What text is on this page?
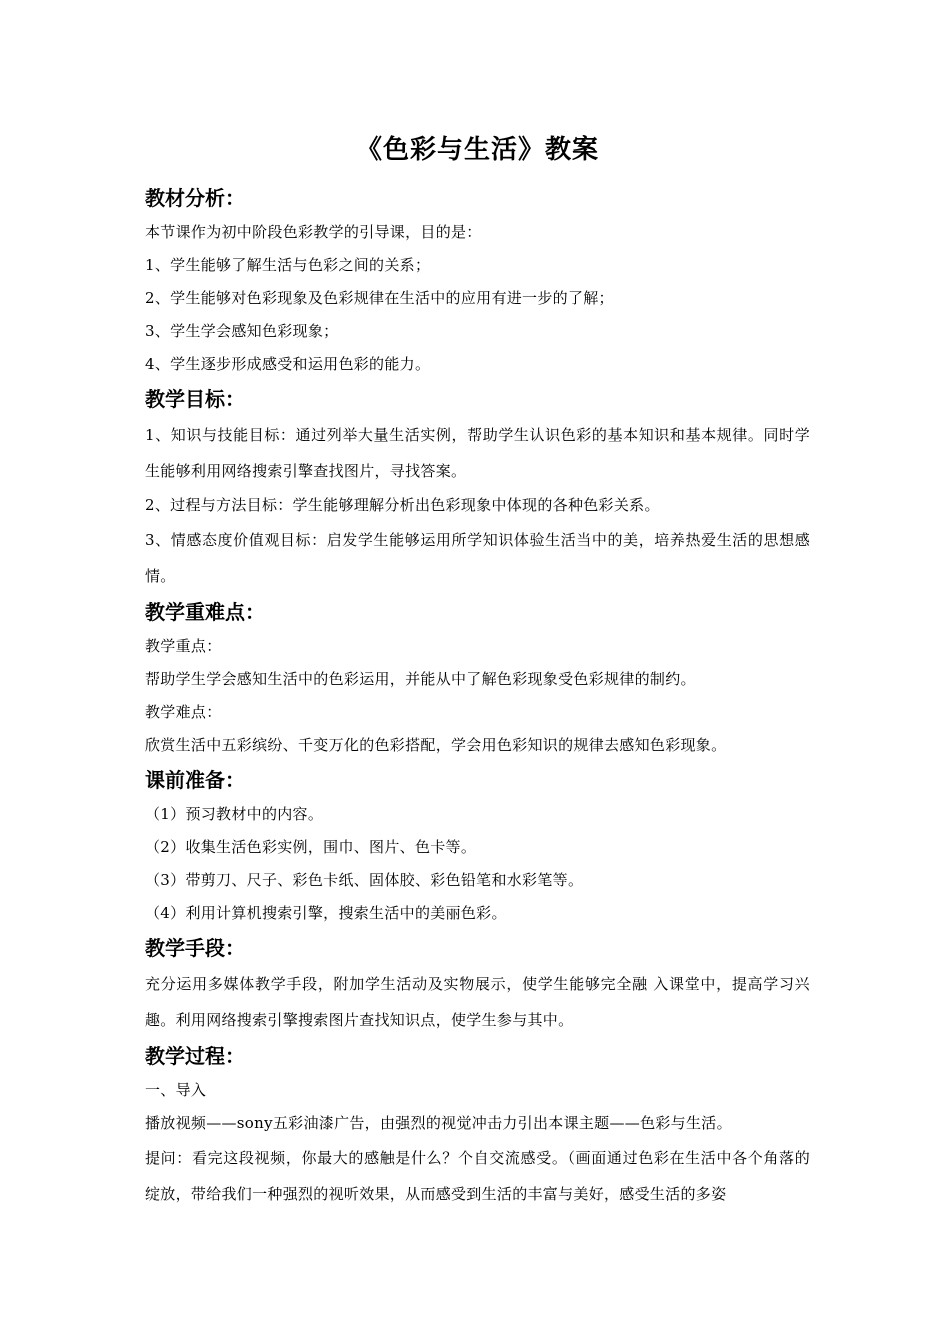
《色彩与生活》教案
教材分析：

本节课作为初中阶段色彩教学的引导课，目的是：

1、学生能够了解生活与色彩之间的关系；

2、学生能够对色彩现象及色彩规律在生活中的应用有进一步的了解；

3、学生学会感知色彩现象；

4、学生逐步形成感受和运用色彩的能力。

教学目标：

1、知识与技能目标：通过列举大量生活实例，帮助学生认识色彩的基本知识和基本规律。同时学生能够利用网络搜索引擎查找图片，寻找答案。

2、过程与方法目标：学生能够理解分析出色彩现象中体现的各种色彩关系。

3、情感态度价值观目标：启发学生能够运用所学知识体验生活当中的美，培养热爱生活的思想感情。

教学重难点：

教学重点：

帮助学生学会感知生活中的色彩运用，并能从中了解色彩现象受色彩规律的制约。

教学难点：

欣赏生活中五彩缤纷、千变万化的色彩搭配，学会用色彩知识的规律去感知色彩现象。

课前准备：

（1）预习教材中的内容。

（2）收集生活色彩实例，围巾、图片、色卡等。

（3）带剪刀、尺子、彩色卡纸、固体胶、彩色铅笔和水彩笔等。

（4）利用计算机搜索引擎，搜索生活中的美丽色彩。

教学手段：

充分运用多媒体教学手段，附加学生活动及实物展示，使学生能够完全融 入课堂中，提高学习兴趣。利用网络搜索引擎搜索图片查找知识点，使学生参与其中。

教学过程：

一、导入

播放视频——sony五彩油漆广告，由强烈的视觉冲击力引出本课主题——色彩与生活。

提问：看完这段视频，你最大的感触是什么？个自交流感受。（画面通过色彩在生活中各个角落的绽放，带给我们一种强烈的视听效果，从而感受到生活的丰富与美好，感受生活的多姿
